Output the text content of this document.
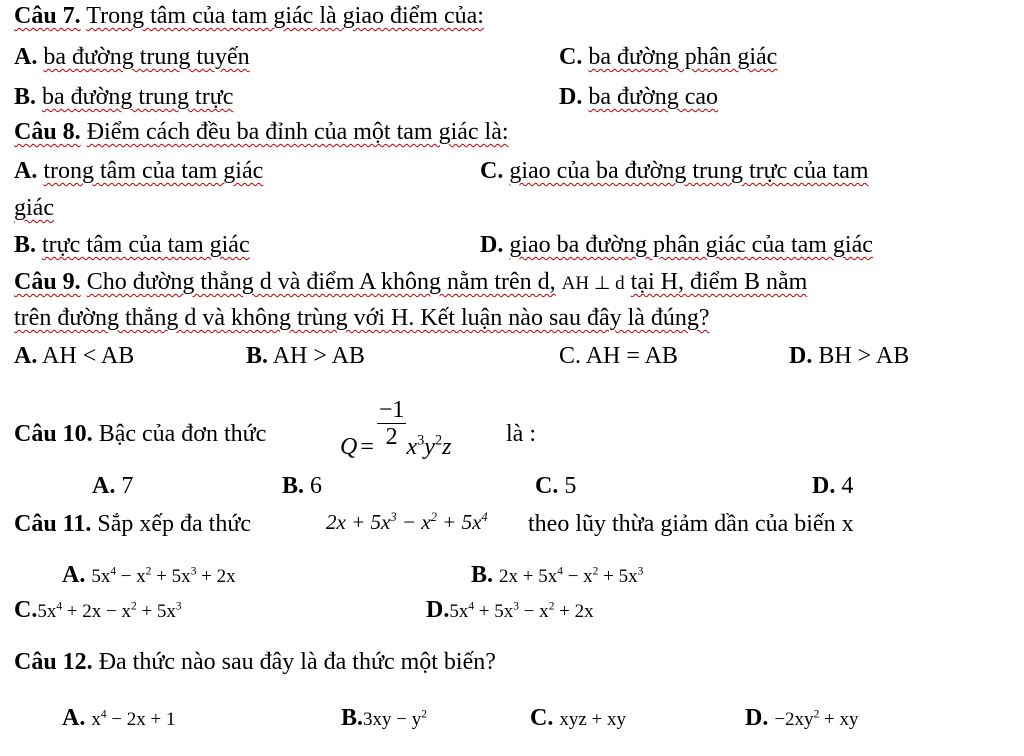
Câu 7. Trong tâm của tam giác là giao điểm của:
A. ba đường trung tuyến	C. ba đường phân giác
B. ba đường trung trực	D. ba đường cao
Câu 8. Điểm cách đều ba đỉnh của một tam giác là:
A. trong tâm của tam giác	C. giao của ba đường trung trực của tam
giác
B. trực tâm của tam giác	D. giao ba đường phân giác của tam giác
Câu 9. Cho đường thẳng d và điểm A không nằm trên d, AH ⊥ d tại H, điểm B nằm
trên đường thẳng d và không trùng với H. Kết luận nào sau đây là đúng?
A. AH < AB	B. AH > AB	C. AH = AB	D. BH > AB
Câu 10. Bậc của đơn thức	$Q = \frac{-1}{2} x^3y^2z$ là :
A. 7	B. 6	C. 5	D. 4
Câu 11. Sắp xếp đa thức	$2x + 5x^3 - x^2 + 5x^4$ theo lũy thừa giảm dần của biến x
A. $5x^4 - x^2 + 5x^3 + 2x$	B. $2x + 5x^4 - x^2 + 5x^3$
$C.5x^4 + 2x - x^2 + 5x^3$	$D.5x^4 + 5x^3 - x^2 + 2x$
Câu 12. Đa thức nào sau đây là đa thức một biến?
A. $x^4 - 2x + 1$	$B.3xy - y^2$	C. xyz + xy	D. $-2xy^2$ + xy
